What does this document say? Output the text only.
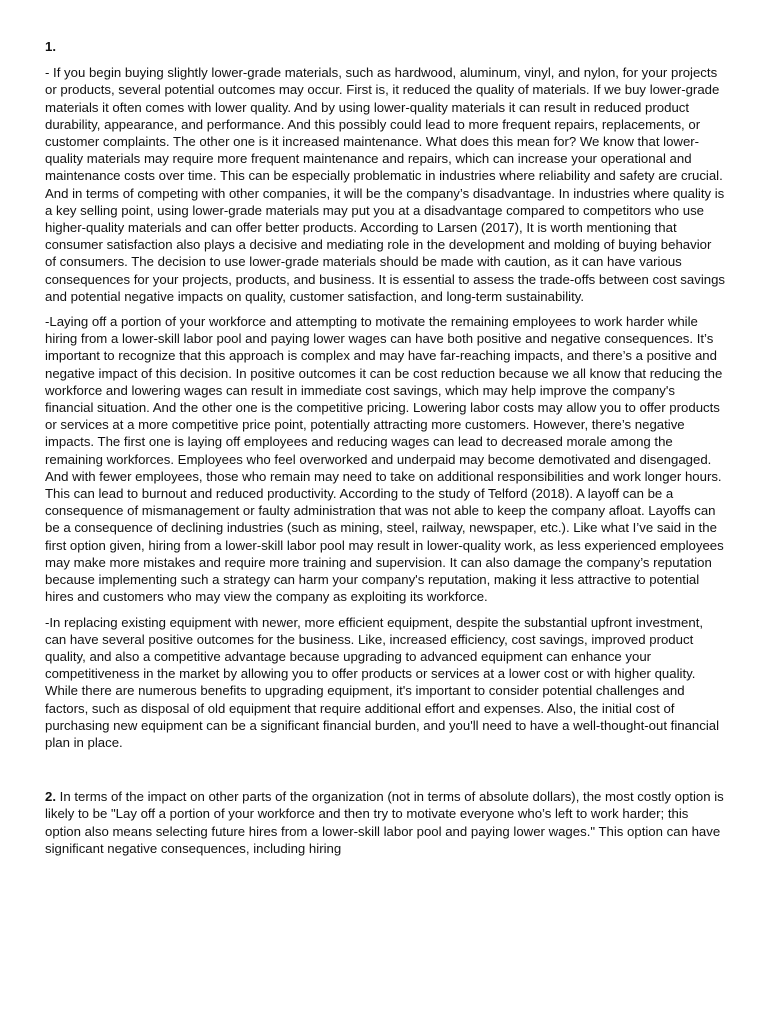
1.

- If you begin buying slightly lower-grade materials, such as hardwood, aluminum, vinyl, and nylon, for your projects or products, several potential outcomes may occur. First is, it reduced the quality of materials. If we buy lower-grade materials it often comes with lower quality. And by using lower-quality materials it can result in reduced product durability, appearance, and performance. And this possibly could lead to more frequent repairs, replacements, or customer complaints. The other one is it increased maintenance. What does this mean for? We know that lower-quality materials may require more frequent maintenance and repairs, which can increase your operational and maintenance costs over time. This can be especially problematic in industries where reliability and safety are crucial. And in terms of competing with other companies, it will be the company’s disadvantage. In industries where quality is a key selling point, using lower-grade materials may put you at a disadvantage compared to competitors who use higher-quality materials and can offer better products. According to Larsen (2017), It is worth mentioning that consumer satisfaction also plays a decisive and mediating role in the development and molding of buying behavior of consumers. The decision to use lower-grade materials should be made with caution, as it can have various consequences for your projects, products, and business. It is essential to assess the trade-offs between cost savings and potential negative impacts on quality, customer satisfaction, and long-term sustainability.

-Laying off a portion of your workforce and attempting to motivate the remaining employees to work harder while hiring from a lower-skill labor pool and paying lower wages can have both positive and negative consequences. It’s important to recognize that this approach is complex and may have far-reaching impacts, and there’s a positive and negative impact of this decision. In positive outcomes it can be cost reduction because we all know that reducing the workforce and lowering wages can result in immediate cost savings, which may help improve the company's financial situation. And the other one is the competitive pricing. Lowering labor costs may allow you to offer products or services at a more competitive price point, potentially attracting more customers. However, there’s negative impacts. The first one is laying off employees and reducing wages can lead to decreased morale among the remaining workforces. Employees who feel overworked and underpaid may become demotivated and disengaged. And with fewer employees, those who remain may need to take on additional responsibilities and work longer hours. This can lead to burnout and reduced productivity. According to the study of Telford (2018). A layoff can be a consequence of mismanagement or faulty administration that was not able to keep the company afloat. Layoffs can be a consequence of declining industries (such as mining, steel, railway, newspaper, etc.). Like what I’ve said in the first option given, hiring from a lower-skill labor pool may result in lower-quality work, as less experienced employees may make more mistakes and require more training and supervision. It can also damage the company’s reputation because implementing such a strategy can harm your company's reputation, making it less attractive to potential hires and customers who may view the company as exploiting its workforce.

-In replacing existing equipment with newer, more efficient equipment, despite the substantial upfront investment, can have several positive outcomes for the business. Like, increased efficiency, cost savings, improved product quality, and also a competitive advantage because upgrading to advanced equipment can enhance your competitiveness in the market by allowing you to offer products or services at a lower cost or with higher quality. While there are numerous benefits to upgrading equipment, it's important to consider potential challenges and factors, such as disposal of old equipment that require additional effort and expenses. Also, the initial cost of purchasing new equipment can be a significant financial burden, and you'll need to have a well-thought-out financial plan in place.

2. In terms of the impact on other parts of the organization (not in terms of absolute dollars), the most costly option is likely to be "Lay off a portion of your workforce and then try to motivate everyone who’s left to work harder; this option also means selecting future hires from a lower-skill labor pool and paying lower wages." This option can have significant negative consequences, including hiring
